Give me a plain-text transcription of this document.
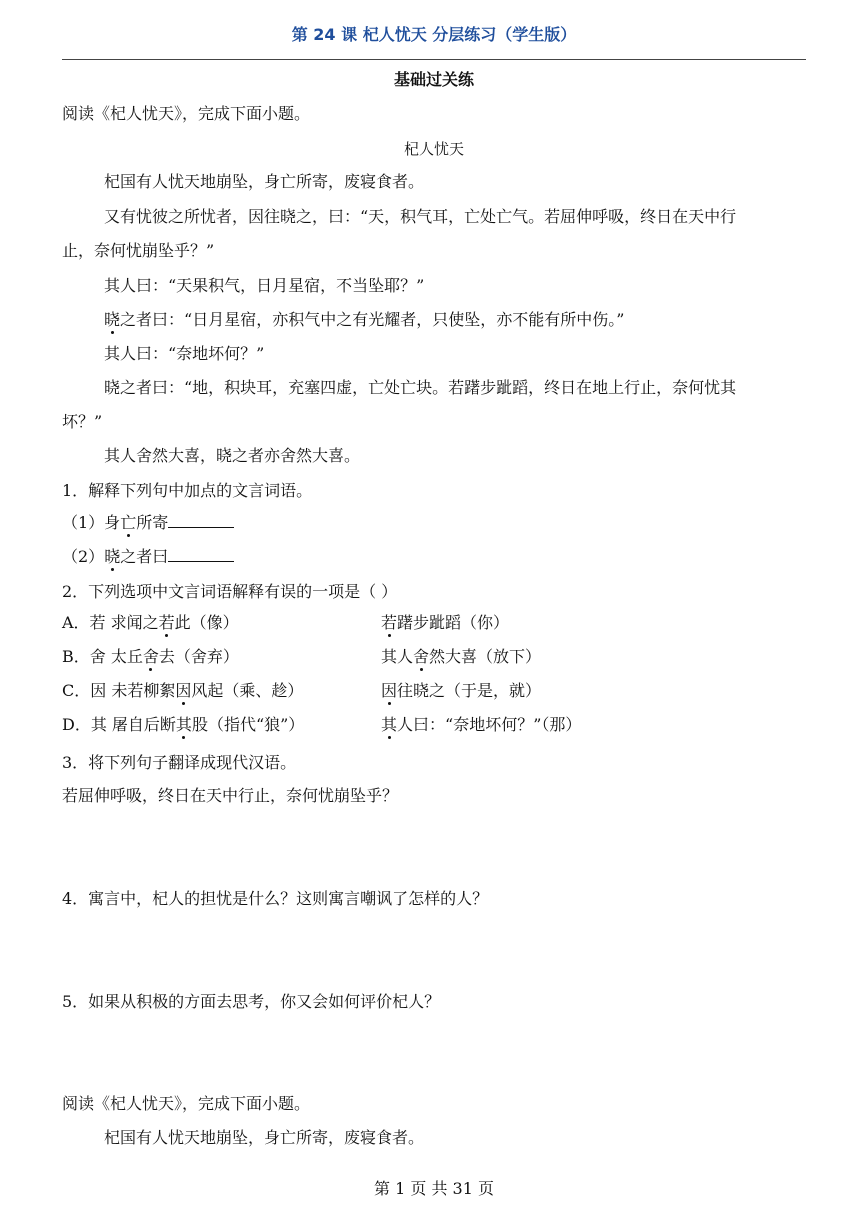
第 24 课 杞人忧天 分层练习（学生版）
基础过关练
阅读《杞人忧天》，完成下面小题。
杞人忧天
杞国有人忧天地崩坠，身亡所寄，废寝食者。
又有忧彼之所忧者，因往晓之，曰：“天，积气耳，亡处亡气。若屈伸呼吸，终日在天中行
止，奈何忧崩坠乎？”
其人曰：“天果积气，日月星宿，不当坠耶？”
晓之者曰：“日月星宿，亦积气中之有光耀者，只使坠，亦不能有所中伤。”
其人曰：“奈地坏何？”
晓之者曰：“地，积块耳，充塞四虚，亡处亡块。若躇步跐蹈，终日在地上行止，奈何忧其
坏？”
其人舍然大喜，晓之者亦舍然大喜。
1．解释下列句中加点的文言词语。
（1）身亡所寄
（2）晓之者曰
2．下列选项中文言词语解释有误的一项是（ ）
A．若 求闻之若此（像）	若躇步跐蹈（你）
B．舍 太丘舍去（舍弃）	其人舍然大喜（放下）
C．因 未若柳絮因风起（乘、趁）	因往晓之（于是，就）
D．其 屠自后断其股（指代“狼”）	其人曰：“奈地坏何？”（那）
3．将下列句子翻译成现代汉语。
若屈伸呼吸，终日在天中行止，奈何忧崩坠乎？
4．寓言中，杞人的担忧是什么？这则寓言嘲讽了怎样的人？
5．如果从积极的方面去思考，你又会如何评价杞人？
阅读《杞人忧天》，完成下面小题。
杞国有人忧天地崩坠，身亡所寄，废寝食者。
第 1 页 共 31 页
